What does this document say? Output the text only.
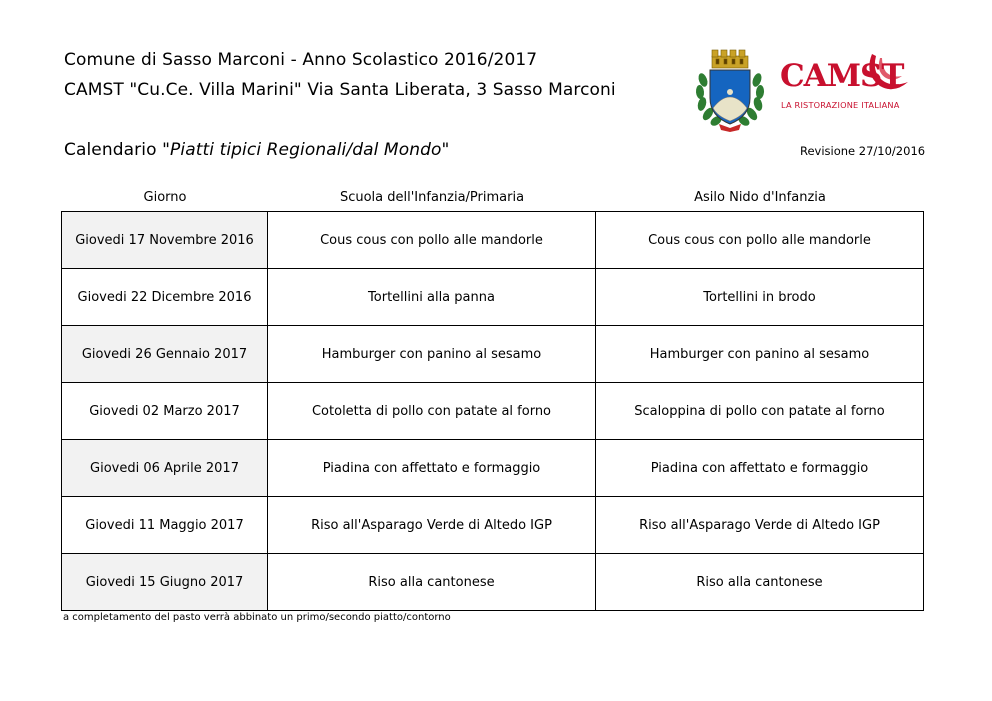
Comune di Sasso Marconi - Anno Scolastico 2016/2017
CAMST "Cu.Ce. Villa Marini" Via Santa Liberata, 3 Sasso Marconi
Calendario "Piatti tipici Regionali/dal Mondo"	Revisione 27/10/2016
CAMST
LA RISTORAZIONE ITALIANA
Giorno	Scuola dell'Infanzia/Primaria	Asilo Nido d'Infanzia
Giovedi 17 Novembre 2016	Cous cous con pollo alle mandorle	Cous cous con pollo alle mandorle
Giovedi 22 Dicembre 2016	Tortellini alla panna	Tortellini in brodo
Giovedi 26 Gennaio 2017	Hamburger con panino al sesamo	Hamburger con panino al sesamo
Giovedi 02 Marzo 2017	Cotoletta di pollo con patate al forno	Scaloppina di pollo con patate al forno
Giovedi 06 Aprile 2017	Piadina con affettato e formaggio	Piadina con affettato e formaggio
Giovedi 11 Maggio 2017	Riso all'Asparago Verde di Altedo IGP	Riso all'Asparago Verde di Altedo IGP
Giovedi 15 Giugno 2017	Riso alla cantonese	Riso alla cantonese
a completamento del pasto verrà abbinato un primo/secondo piatto/contorno
